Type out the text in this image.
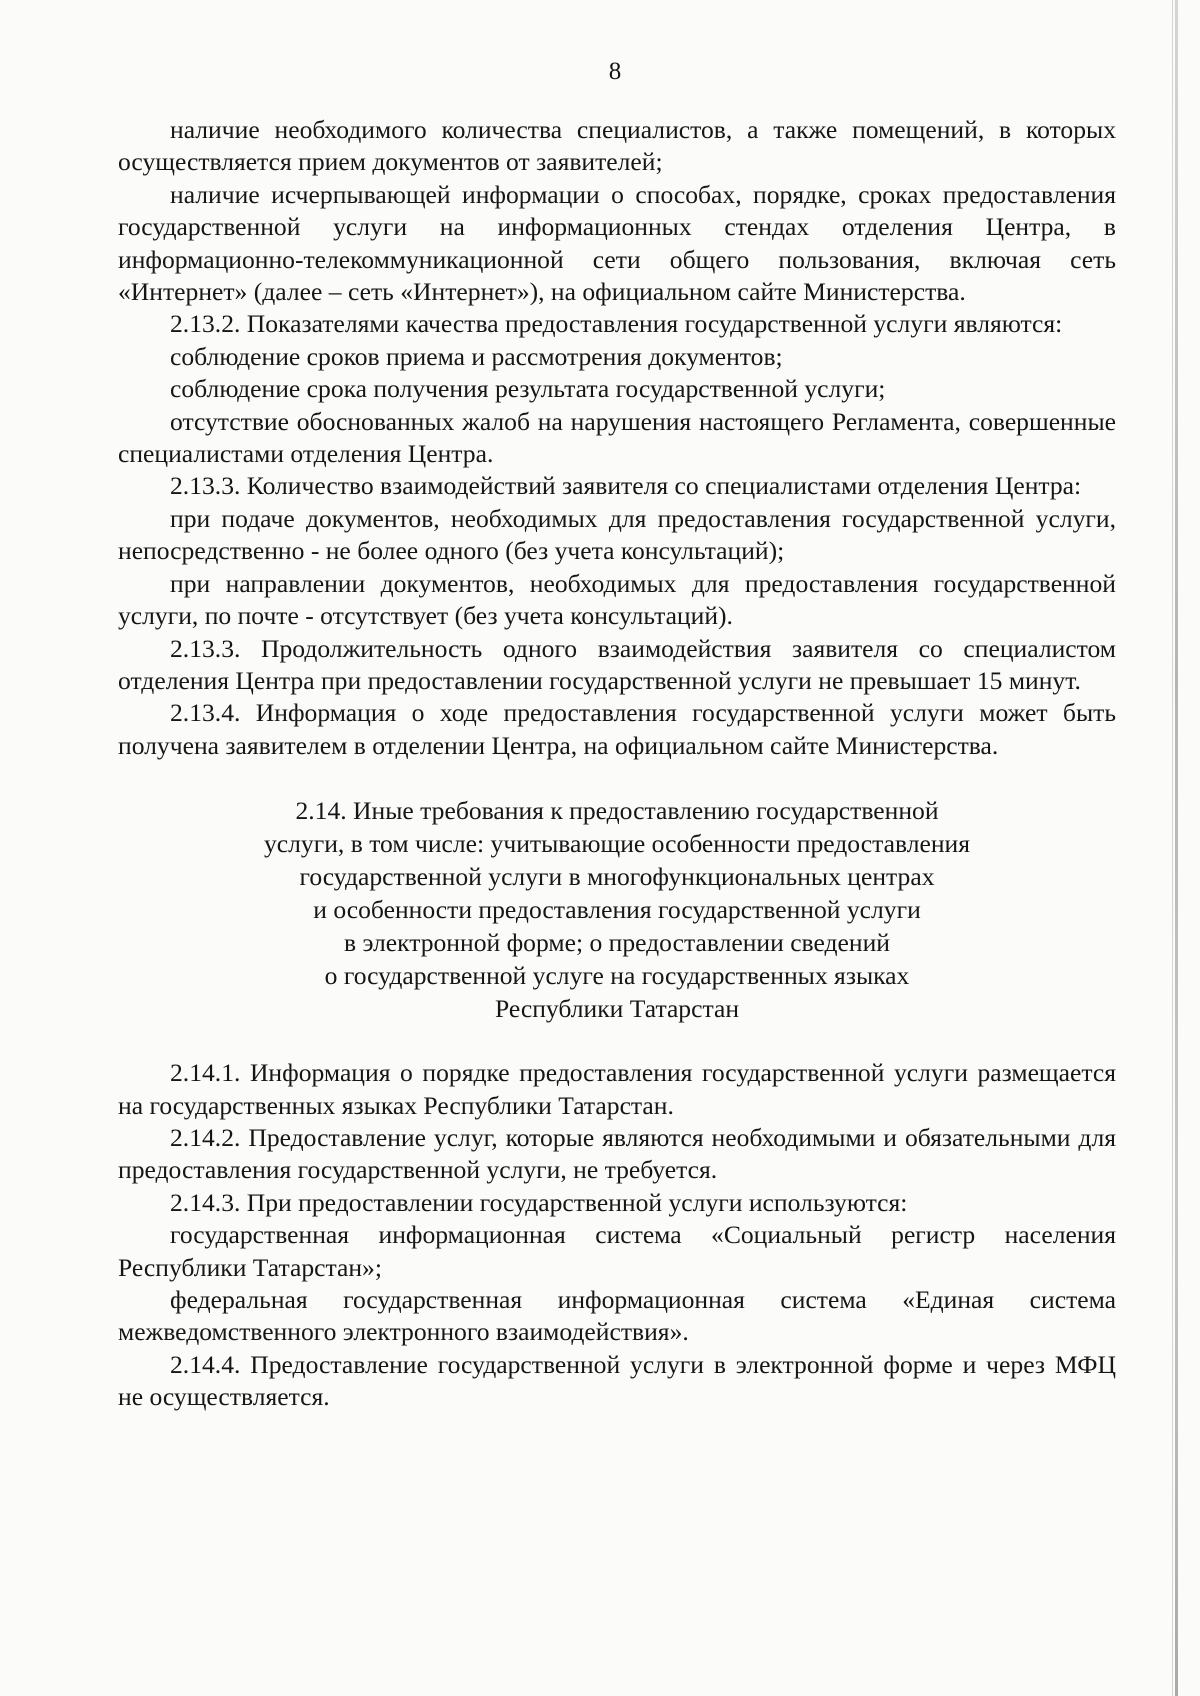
8

наличие необходимого количества специалистов, а также помещений, в которых осуществляется прием документов от заявителей;

наличие исчерпывающей информации о способах, порядке, сроках предоставления государственной услуги на информационных стендах отделения Центра, в информационно-телекоммуникационной сети общего пользования, включая сеть «Интернет» (далее – сеть «Интернет»), на официальном сайте Министерства.

2.13.2. Показателями качества предоставления государственной услуги являются:

соблюдение сроков приема и рассмотрения документов;

соблюдение срока получения результата государственной услуги;

отсутствие обоснованных жалоб на нарушения настоящего Регламента, совершенные специалистами отделения Центра.

2.13.3. Количество взаимодействий заявителя со специалистами отделения Центра:

при подаче документов, необходимых для предоставления государственной услуги, непосредственно - не более одного (без учета консультаций);

при направлении документов, необходимых для предоставления государственной услуги, по почте - отсутствует (без учета консультаций).

2.13.3. Продолжительность одного взаимодействия заявителя со специалистом отделения Центра при предоставлении государственной услуги не превышает 15 минут.

2.13.4. Информация о ходе предоставления государственной услуги может быть получена заявителем в отделении Центра, на официальном сайте Министерства.

2.14. Иные требования к предоставлению государственной
услуги, в том числе: учитывающие особенности предоставления
государственной услуги в многофункциональных центрах
и особенности предоставления государственной услуги
в электронной форме; о предоставлении сведений
о государственной услуге на государственных языках
Республики Татарстан

2.14.1. Информация о порядке предоставления государственной услуги размещается на государственных языках Республики Татарстан.

2.14.2. Предоставление услуг, которые являются необходимыми и обязательными для предоставления государственной услуги, не требуется.

2.14.3. При предоставлении государственной услуги используются:

государственная информационная система «Социальный регистр населения Республики Татарстан»;

федеральная государственная информационная система «Единая система межведомственного электронного взаимодействия».

2.14.4. Предоставление государственной услуги в электронной форме и через МФЦ не осуществляется.
